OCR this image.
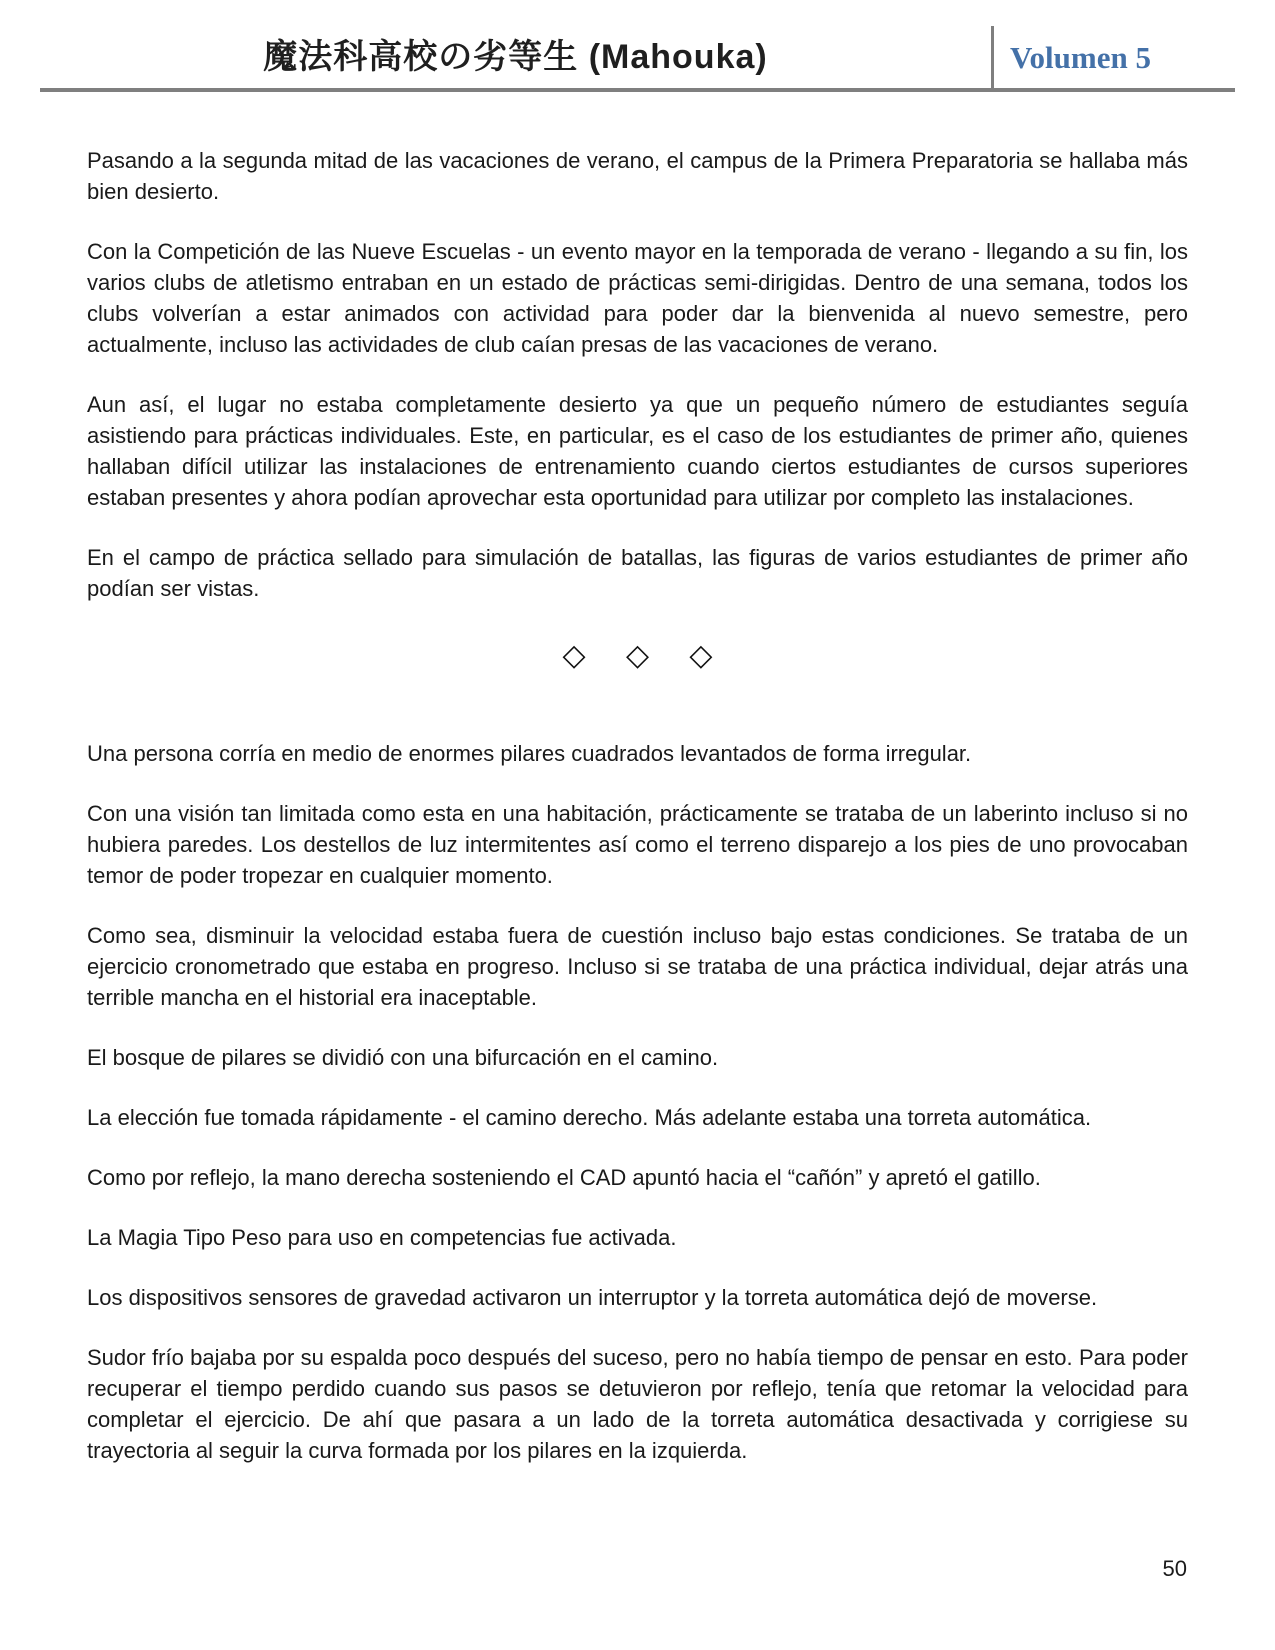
魔法科高校の劣等生 (Mahouka)	Volumen 5

Pasando a la segunda mitad de las vacaciones de verano, el campus de la Primera Preparatoria se hallaba más bien desierto.

Con la Competición de las Nueve Escuelas - un evento mayor en la temporada de verano - llegando a su fin, los varios clubs de atletismo entraban en un estado de prácticas semi-dirigidas. Dentro de una semana, todos los clubs volverían a estar animados con actividad para poder dar la bienvenida al nuevo semestre, pero actualmente, incluso las actividades de club caían presas de las vacaciones de verano.

Aun así, el lugar no estaba completamente desierto ya que un pequeño número de estudiantes seguía asistiendo para prácticas individuales. Este, en particular, es el caso de los estudiantes de primer año, quienes hallaban difícil utilizar las instalaciones de entrenamiento cuando ciertos estudiantes de cursos superiores estaban presentes y ahora podían aprovechar esta oportunidad para utilizar por completo las instalaciones.

En el campo de práctica sellado para simulación de batallas, las figuras de varios estudiantes de primer año podían ser vistas.

◇ ◇ ◇

Una persona corría en medio de enormes pilares cuadrados levantados de forma irregular.

Con una visión tan limitada como esta en una habitación, prácticamente se trataba de un laberinto incluso si no hubiera paredes. Los destellos de luz intermitentes así como el terreno disparejo a los pies de uno provocaban temor de poder tropezar en cualquier momento.

Como sea, disminuir la velocidad estaba fuera de cuestión incluso bajo estas condiciones. Se trataba de un ejercicio cronometrado que estaba en progreso. Incluso si se trataba de una práctica individual, dejar atrás una terrible mancha en el historial era inaceptable.

El bosque de pilares se dividió con una bifurcación en el camino.

La elección fue tomada rápidamente - el camino derecho. Más adelante estaba una torreta automática.

Como por reflejo, la mano derecha sosteniendo el CAD apuntó hacia el “cañón” y apretó el gatillo.

La Magia Tipo Peso para uso en competencias fue activada.

Los dispositivos sensores de gravedad activaron un interruptor y la torreta automática dejó de moverse.

Sudor frío bajaba por su espalda poco después del suceso, pero no había tiempo de pensar en esto. Para poder recuperar el tiempo perdido cuando sus pasos se detuvieron por reflejo, tenía que retomar la velocidad para completar el ejercicio. De ahí que pasara a un lado de la torreta automática desactivada y corrigiese su trayectoria al seguir la curva formada por los pilares en la izquierda.

50
